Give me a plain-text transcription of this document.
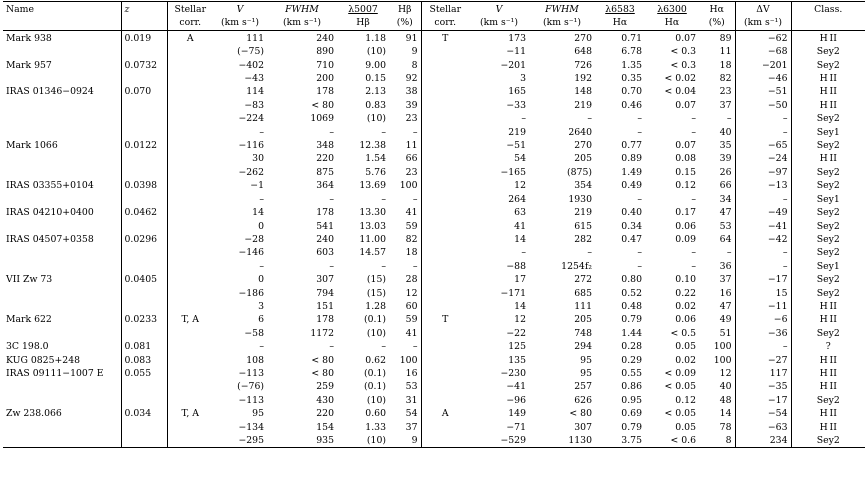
Name	z	Stellar	V	FWHM	λ5007	Hβ	Stellar	V	FWHM	λ6583	λ6300	Hα	ΔV	Class.
		corr.	(km s⁻¹)	(km s⁻¹)	Hβ	(%)	corr.	(km s⁻¹)	(km s⁻¹)	Hα	Hα	(%)	(km s⁻¹)	
Mark 938	0.019	A	111	240	1.18	91	T	173	270	0.71	0.07	89	−62	H II
			(−75)	890	(10)	9		−11	648	6.78	< 0.3	11	−68	Sey2
Mark 957	0.0732		−402	710	9.00	8		−201	726	1.35	< 0.3	18	−201	Sey2
			−43	200	0.15	92		3	192	0.35	< 0.02	82	−46	H II
IRAS 01346−0924	0.070		114	178	2.13	38		165	148	0.70	< 0.04	23	−51	H II
			−83	< 80	0.83	39		−33	219	0.46	0.07	37	−50	H II
			−224	1069	(10)	23		–	–	–	–	–	–	Sey2
			–	–	–	–		219	2640	–	–	40	–	Sey1
Mark 1066	0.0122		−116	348	12.38	11		−51	270	0.77	0.07	35	−65	Sey2
			30	220	1.54	66		54	205	0.89	0.08	39	−24	H II
			−262	875	5.76	23		−165	(875)	1.49	0.15	26	−97	Sey2
IRAS 03355+0104	0.0398		−1	364	13.69	100		12	354	0.49	0.12	66	−13	Sey2
			–	–	–	–		264	1930	–	–	34	–	Sey1
IRAS 04210+0400	0.0462		14	178	13.30	41		63	219	0.40	0.17	47	−49	Sey2
			0	541	13.03	59		41	615	0.34	0.06	53	−41	Sey2
IRAS 04507+0358	0.0296		−28	240	11.00	82		14	282	0.47	0.09	64	−42	Sey2
			−146	603	14.57	18		–	–	–	–	–	–	Sey2
			–	–	–	–		−88	1254f₂	–	–	36	–	Sey1
VII Zw 73	0.0405		0	307	(15)	28		17	272	0.80	0.10	37	−17	Sey2
			−186	794	(15)	12		−171	685	0.52	0.22	16	15	Sey2
			3	151	1.28	60		14	111	0.48	0.02	47	−11	H II
Mark 622	0.0233	T, A	6	178	(0.1)	59	T	12	205	0.79	0.06	49	−6	H II
			−58	1172	(10)	41		−22	748	1.44	< 0.5	51	−36	Sey2
3C 198.0	0.081		–	–	–	–		125	294	0.28	0.05	100	–	?
KUG 0825+248	0.083		108	< 80	0.62	100		135	95	0.29	0.02	100	−27	H II
IRAS 09111−1007 E	0.055		−113	< 80	(0.1)	16		−230	95	0.55	< 0.09	12	117	H II
			(−76)	259	(0.1)	53		−41	257	0.86	< 0.05	40	−35	H II
			−113	430	(10)	31		−96	626	0.95	0.12	48	−17	Sey2
Zw 238.066	0.034	T, A	95	220	0.60	54	A	149	< 80	0.69	< 0.05	14	−54	H II
			−134	154	1.33	37		−71	307	0.79	0.05	78	−63	H II
			−295	935	(10)	9		−529	1130	3.75	< 0.6	8	234	Sey2
